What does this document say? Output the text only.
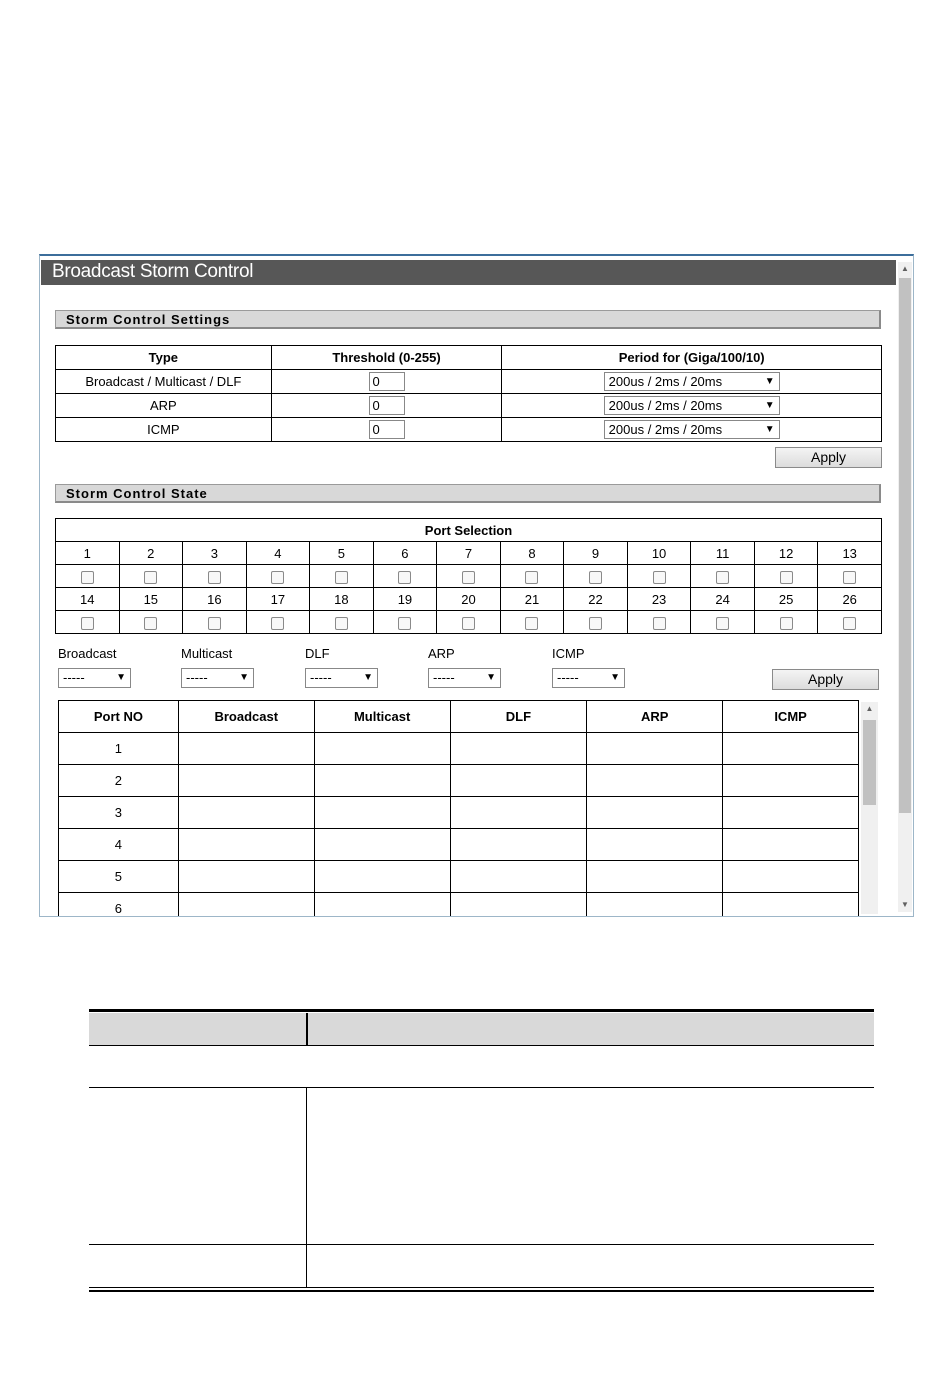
Broadcast Storm Control	▲
▼
Storm Control Settings
Type	Threshold (0-255)	Period for (Giga/100/10)
Broadcast / Multicast / DLF	0	200us / 2ms / 20ms ▼

ARP	0	200us / 2ms / 20ms ▼

ICMP	0	200us / 2ms / 20ms ▼
Apply
Storm Control State
Port Selection												
1	2	3	4	5	6	7	8	9	10	11	12	13

14	15	16	17	18	19	20	21	22	23	24	25	26

Broadcast	Multicast	DLF	ARP	ICMP
-----	▼	-----	▼	-----	▼	-----	▼	-----	▼	Apply
Port NO	Broadcast	Multicast	DLF	ARP	ICMP
1					
2					
3					
4					
5					
6					
▲
